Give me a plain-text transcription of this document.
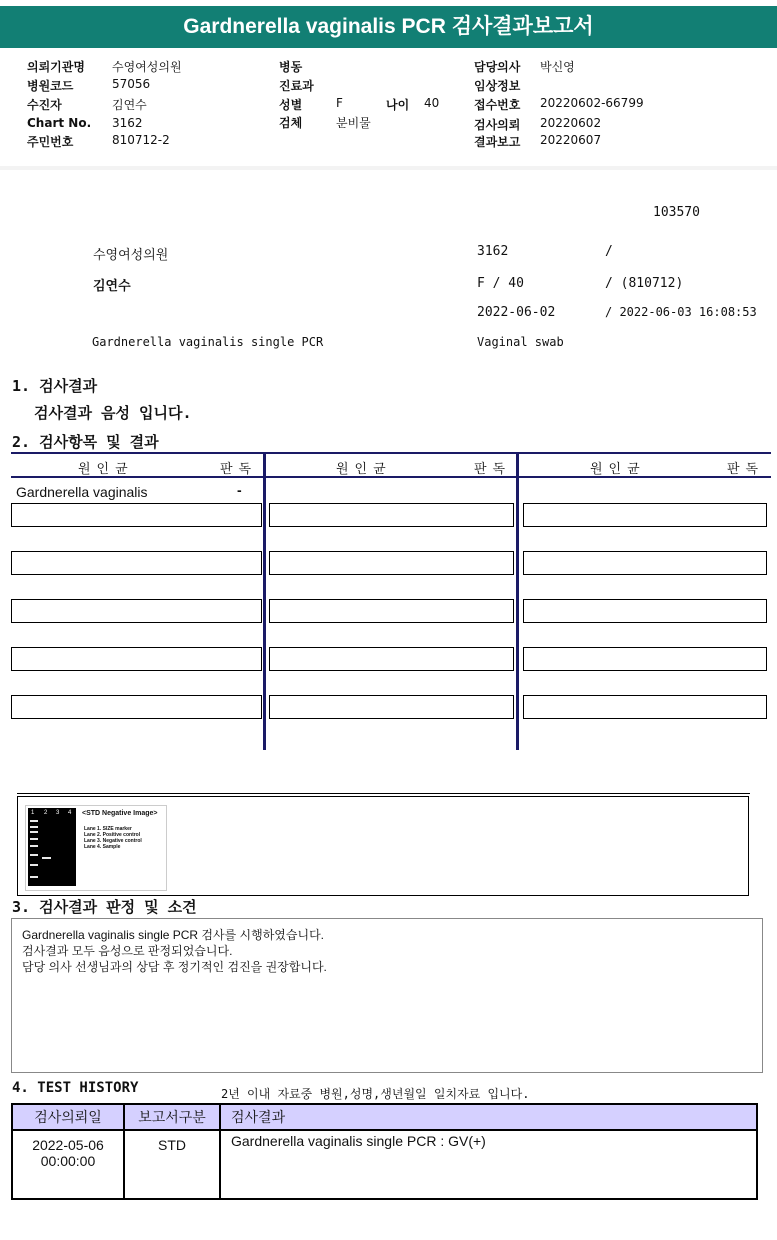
Gardnerella vaginalis PCR 검사결과보고서
의뢰기관명 수영여성의원
병원코드	57056
수진자	김연수
Chart No. 3162
주민번호	810712-2
병동
진료과
성별	F	나이 40
검체	분비물
담당의사 박신영
임상정보
접수번호 20220602-66799
검사의뢰 20220602
결과보고 20220607
103570
수영여성의원	3162	/
김연수	F / 40	/ (810712)
2022-06-02	/ 2022-06-03 16:08:53
Gardnerella vaginalis single PCR	Vaginal swab
1. 검사결과
검사결과 음성 입니다.
2. 검사항목 및 결과
원인균	판독	원인균	판독	원인균	판독
Gardnerella vaginalis	-
1 2 3 4 <STD Negative Image>
Lane 1. SIZE marker
Lane 2. Positive control
Lane 3. Negative control
Lane 4. Sample
3. 검사결과 판정 및 소견
Gardnerella vaginalis single PCR 검사를 시행하였습니다.
검사결과 모두 음성으로 판정되었습니다.
담당 의사 선생님과의 상담 후 정기적인 검진을 권장합니다.
4. TEST HISTORY	2년 이내 자료중 병원,성명,생년월일 일치자료 입니다.
검사의뢰일	보고서구분	검사결과

2022-05-06
00:00:00	STD	Gardnerella vaginalis single PCR : GV(+)
